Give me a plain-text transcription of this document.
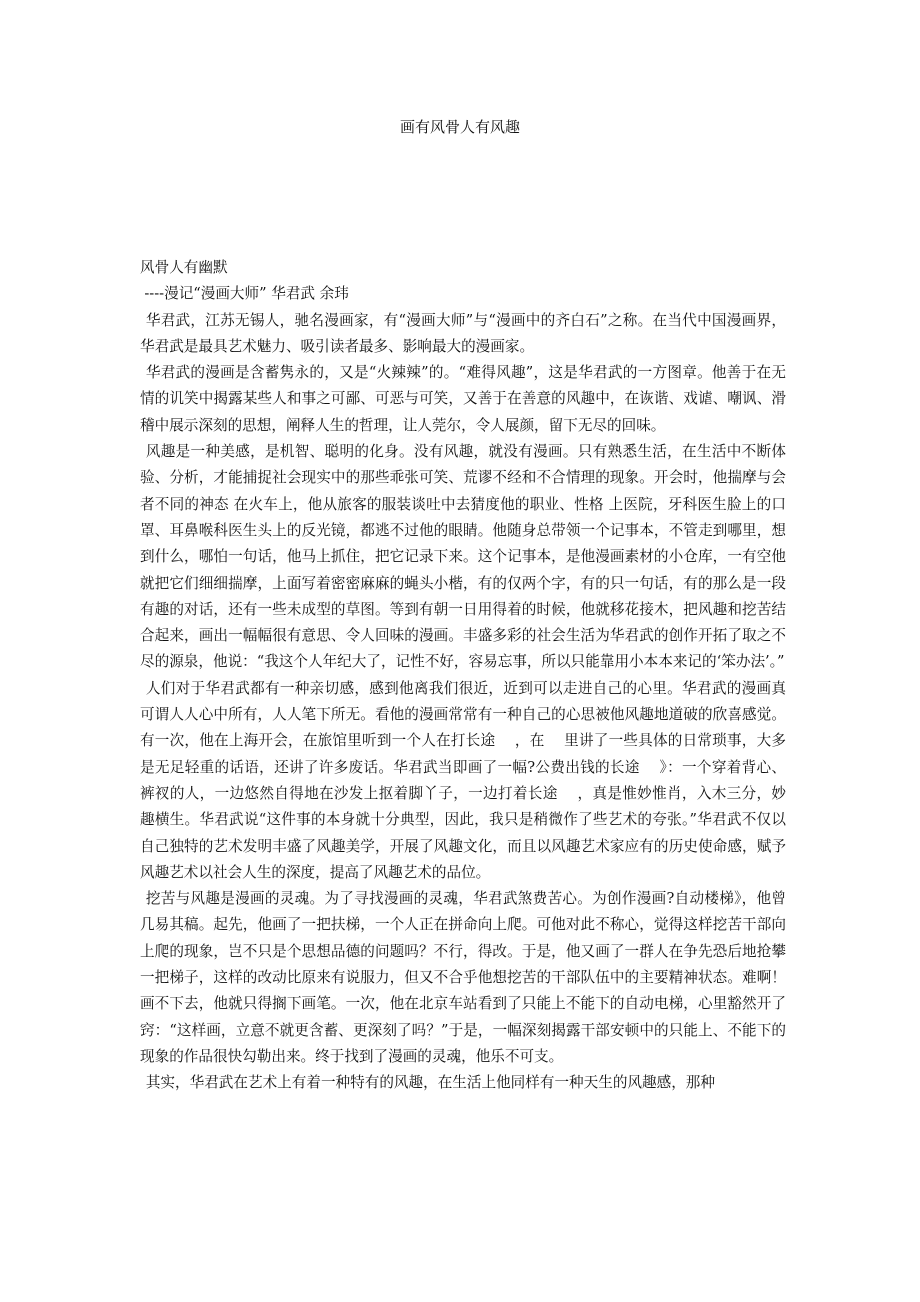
画有风骨人有风趣

风骨人有幽默

----漫记“漫画大师” 华君武 余玮

华君武，江苏无锡人，驰名漫画家，有“漫画大师”与“漫画中的齐白石”之称。在当代中国漫画界，华君武是最具艺术魅力、吸引读者最多、影响最大的漫画家。

华君武的漫画是含蓄隽永的，又是“火辣辣”的。“难得风趣”，这是华君武的一方图章。他善于在无情的讥笑中揭露某些人和事之可鄙、可恶与可笑，又善于在善意的风趣中，在诙谐、戏谑、嘲讽、滑稽中展示深刻的思想，阐释人生的哲理，让人莞尔，令人展颜，留下无尽的回味。

风趣是一种美感，是机智、聪明的化身。没有风趣，就没有漫画。只有熟悉生活，在生活中不断体验、分析，才能捕捉社会现实中的那些乖张可笑、荒谬不经和不合情理的现象。开会时，他揣摩与会者不同的神态 在火车上，他从旅客的服装谈吐中去猜度他的职业、性格 上医院，牙科医生脸上的口罩、耳鼻喉科医生头上的反光镜，都逃不过他的眼睛。他随身总带领一个记事本，不管走到哪里，想到什么，哪怕一句话，他马上抓住，把它记录下来。这个记事本，是他漫画素材的小仓库，一有空他就把它们细细揣摩，上面写着密密麻麻的蝇头小楷，有的仅两个字，有的只一句话，有的那么是一段有趣的对话，还有一些未成型的草图。等到有朝一日用得着的时候，他就移花接木，把风趣和挖苦结合起来，画出一幅幅很有意思、令人回味的漫画。丰盛多彩的社会生活为华君武的创作开拓了取之不尽的源泉，他说：“我这个人年纪大了，记性不好，容易忘事，所以只能靠用小本本来记的‘笨办法’。”

人们对于华君武都有一种亲切感，感到他离我们很近，近到可以走进自己的心里。华君武的漫画真可谓人人心中所有，人人笔下所无。看他的漫画常常有一种自己的心思被他风趣地道破的欣喜感觉。有一次，他在上海开会，在旅馆里听到一个人在打长途　 ，在　 里讲了一些具体的日常琐事，大多是无足轻重的话语，还讲了许多废话。华君武当即画了一幅?公费出钱的长途　 》：一个穿着背心、裤衩的人，一边悠然自得地在沙发上抠着脚丫子，一边打着长途　 ，真是惟妙惟肖，入木三分，妙趣横生。华君武说“这件事的本身就十分典型，因此，我只是稍微作了些艺术的夸张。”华君武不仅以自己独特的艺术发明丰盛了风趣美学，开展了风趣文化，而且以风趣艺术家应有的历史使命感，赋予风趣艺术以社会人生的深度，提高了风趣艺术的品位。

挖苦与风趣是漫画的灵魂。为了寻找漫画的灵魂，华君武煞费苦心。为创作漫画?自动楼梯》，他曾几易其稿。起先，他画了一把扶梯，一个人正在拼命向上爬。可他对此不称心，觉得这样挖苦干部向上爬的现象，岂不只是个思想品德的问题吗？不行，得改。于是，他又画了一群人在争先恐后地抢攀一把梯子，这样的改动比原来有说服力，但又不合乎他想挖苦的干部队伍中的主要精神状态。难啊！画不下去，他就只得搁下画笔。一次，他在北京车站看到了只能上不能下的自动电梯，心里豁然开了窍：“这样画，立意不就更含蓄、更深刻了吗？”于是，一幅深刻揭露干部安顿中的只能上、不能下的现象的作品很快勾勒出来。终于找到了漫画的灵魂，他乐不可支。

其实，华君武在艺术上有着一种特有的风趣，在生活上他同样有一种天生的风趣感，那种
